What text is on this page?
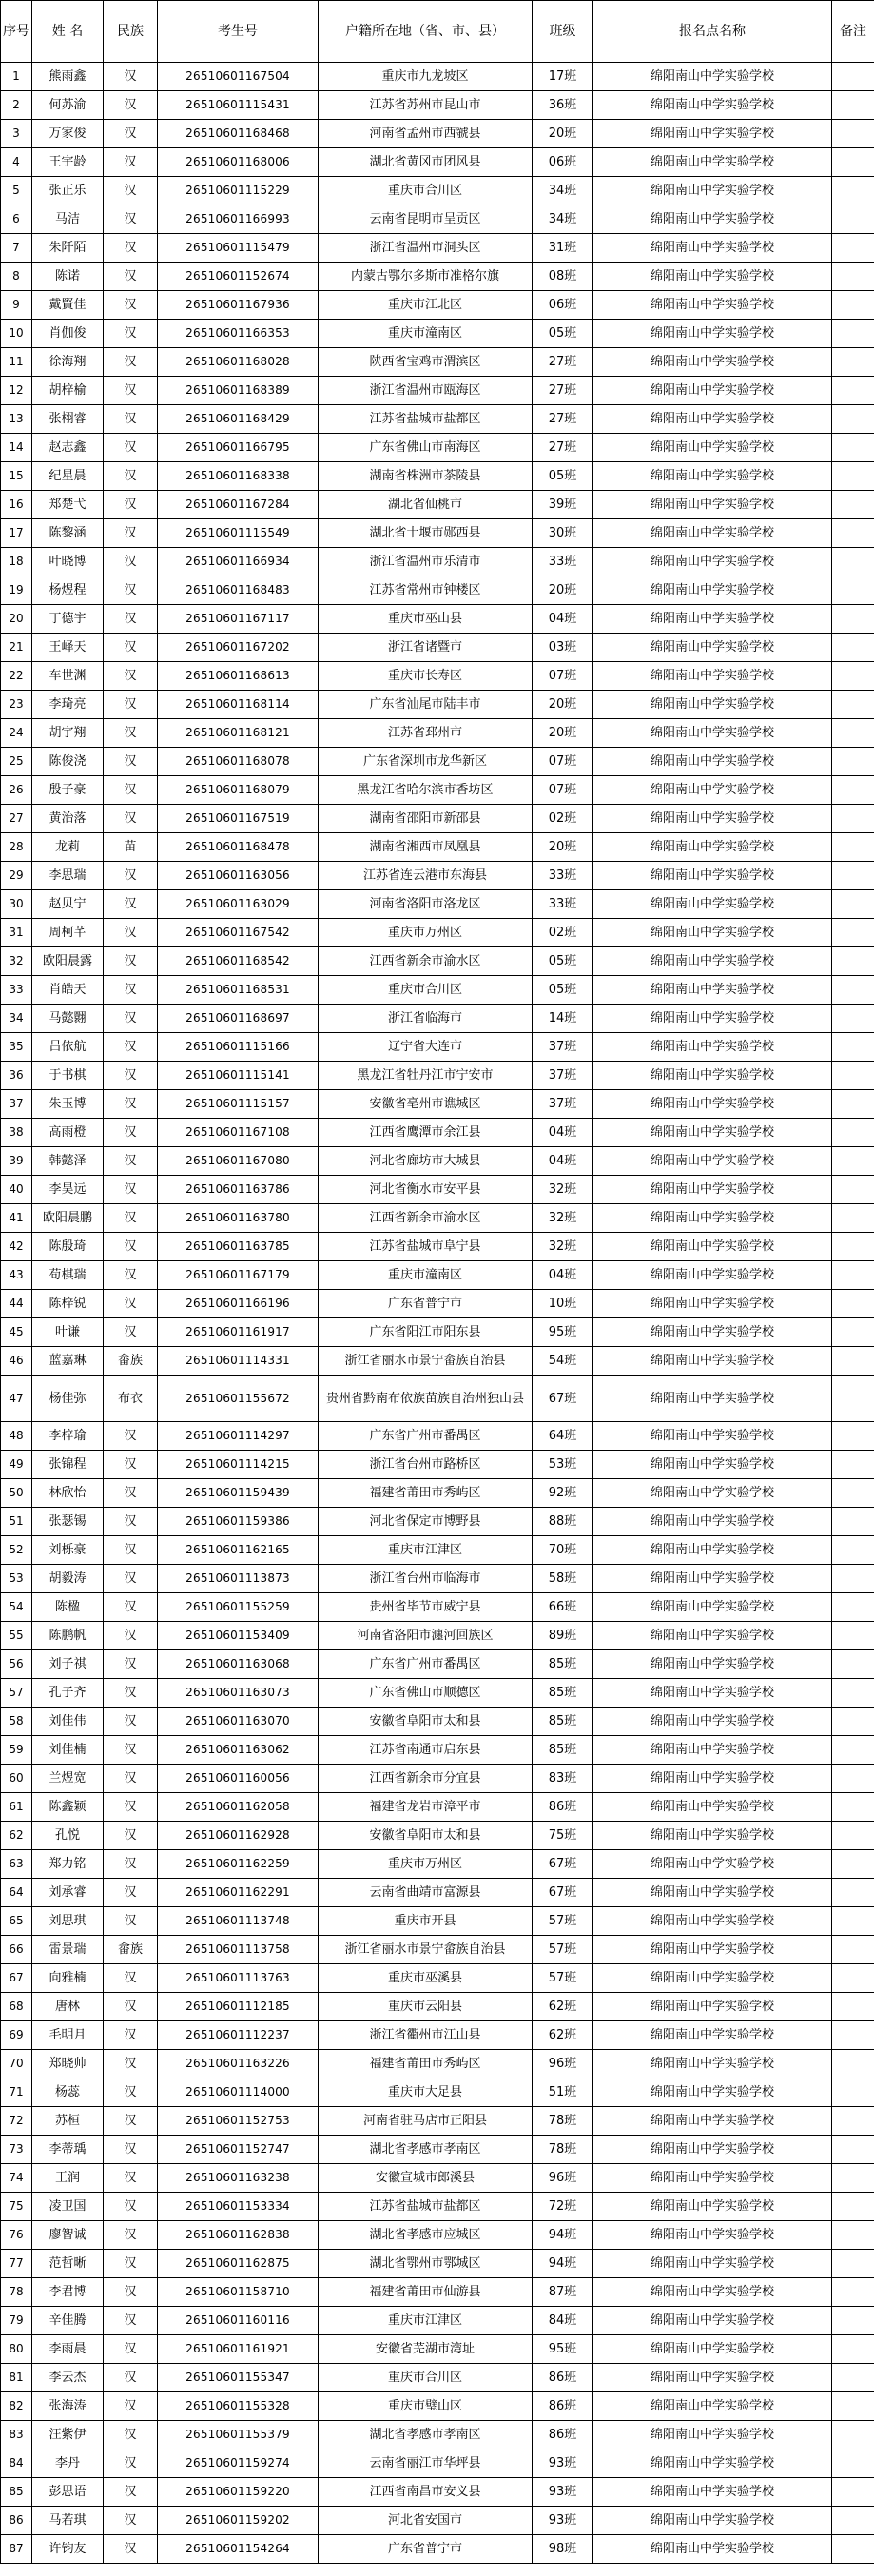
序号	姓 名	民族	考生号	户籍所在地（省、市、县）	班级	报名点名称	备注
1	熊雨鑫	汉	26510601167504	重庆市九龙坡区	17班	绵阳南山中学实验学校	
2	何苏渝	汉	26510601115431	江苏省苏州市昆山市	36班	绵阳南山中学实验学校	
3	万家俊	汉	26510601168468	河南省孟州市西虢县	20班	绵阳南山中学实验学校	
4	王宇龄	汉	26510601168006	湖北省黄冈市团风县	06班	绵阳南山中学实验学校	
5	张正乐	汉	26510601115229	重庆市合川区	34班	绵阳南山中学实验学校	
6	马洁	汉	26510601166993	云南省昆明市呈贡区	34班	绵阳南山中学实验学校	
7	朱阡陌	汉	26510601115479	浙江省温州市洞头区	31班	绵阳南山中学实验学校	
8	陈诺	汉	26510601152674	内蒙古鄂尔多斯市准格尔旗	08班	绵阳南山中学实验学校	
9	戴賢佳	汉	26510601167936	重庆市江北区	06班	绵阳南山中学实验学校	
10	肖伽俊	汉	26510601166353	重庆市潼南区	05班	绵阳南山中学实验学校	
11	徐海翔	汉	26510601168028	陕西省宝鸡市渭滨区	27班	绵阳南山中学实验学校	
12	胡梓榆	汉	26510601168389	浙江省温州市瓯海区	27班	绵阳南山中学实验学校	
13	张栩睿	汉	26510601168429	江苏省盐城市盐都区	27班	绵阳南山中学实验学校	
14	赵志鑫	汉	26510601166795	广东省佛山市南海区	27班	绵阳南山中学实验学校	
15	纪星晨	汉	26510601168338	湖南省株洲市茶陵县	05班	绵阳南山中学实验学校	
16	郑楚弋	汉	26510601167284	湖北省仙桃市	39班	绵阳南山中学实验学校	
17	陈黎涵	汉	26510601115549	湖北省十堰市郧西县	30班	绵阳南山中学实验学校	
18	叶晓博	汉	26510601166934	浙江省温州市乐清市	33班	绵阳南山中学实验学校	
19	杨煜程	汉	26510601168483	江苏省常州市钟楼区	20班	绵阳南山中学实验学校	
20	丁德宇	汉	26510601167117	重庆市巫山县	04班	绵阳南山中学实验学校	
21	王峄天	汉	26510601167202	浙江省诸暨市	03班	绵阳南山中学实验学校	
22	车世渊	汉	26510601168613	重庆市长寿区	07班	绵阳南山中学实验学校	
23	李琦亮	汉	26510601168114	广东省汕尾市陆丰市	20班	绵阳南山中学实验学校	
24	胡宇翔	汉	26510601168121	江苏省邳州市	20班	绵阳南山中学实验学校	
25	陈俊浇	汉	26510601168078	广东省深圳市龙华新区	07班	绵阳南山中学实验学校	
26	殷子豪	汉	26510601168079	黑龙江省哈尔滨市香坊区	07班	绵阳南山中学实验学校	
27	黄治落	汉	26510601167519	湖南省邵阳市新邵县	02班	绵阳南山中学实验学校	
28	龙莉	苗	26510601168478	湖南省湘西市凤凰县	20班	绵阳南山中学实验学校	
29	李思瑞	汉	26510601163056	江苏省连云港市东海县	33班	绵阳南山中学实验学校	
30	赵贝宁	汉	26510601163029	河南省洛阳市洛龙区	33班	绵阳南山中学实验学校	
31	周柯芊	汉	26510601167542	重庆市万州区	02班	绵阳南山中学实验学校	
32	欧阳晨露	汉	26510601168542	江西省新余市渝水区	05班	绵阳南山中学实验学校	
33	肖皓天	汉	26510601168531	重庆市合川区	05班	绵阳南山中学实验学校	
34	马懿翾	汉	26510601168697	浙江省临海市	14班	绵阳南山中学实验学校	
35	吕依航	汉	26510601115166	辽宁省大连市	37班	绵阳南山中学实验学校	
36	于书棋	汉	26510601115141	黑龙江省牡丹江市宁安市	37班	绵阳南山中学实验学校	
37	朱玉博	汉	26510601115157	安徽省亳州市谯城区	37班	绵阳南山中学实验学校	
38	高雨橙	汉	26510601167108	江西省鹰潭市余江县	04班	绵阳南山中学实验学校	
39	韩懿泽	汉	26510601167080	河北省廊坊市大城县	04班	绵阳南山中学实验学校	
40	李昊远	汉	26510601163786	河北省衡水市安平县	32班	绵阳南山中学实验学校	
41	欧阳晨鹏	汉	26510601163780	江西省新余市渝水区	32班	绵阳南山中学实验学校	
42	陈殷琦	汉	26510601163785	江苏省盐城市阜宁县	32班	绵阳南山中学实验学校	
43	苟棋瑞	汉	26510601167179	重庆市潼南区	04班	绵阳南山中学实验学校	
44	陈梓锐	汉	26510601166196	广东省普宁市	10班	绵阳南山中学实验学校	
45	叶谦	汉	26510601161917	广东省阳江市阳东县	95班	绵阳南山中学实验学校	
46	蓝嘉琳	畲族	26510601114331	浙江省丽水市景宁畲族自治县	54班	绵阳南山中学实验学校	
47	杨佳弥	布衣	26510601155672	贵州省黔南布依族苗族自治州独山县	67班	绵阳南山中学实验学校	
48	李梓瑜	汉	26510601114297	广东省广州市番禺区	64班	绵阳南山中学实验学校	
49	张锦程	汉	26510601114215	浙江省台州市路桥区	53班	绵阳南山中学实验学校	
50	林欣怡	汉	26510601159439	福建省莆田市秀屿区	92班	绵阳南山中学实验学校	
51	张瑟锡	汉	26510601159386	河北省保定市博野县	88班	绵阳南山中学实验学校	
52	刘栎豪	汉	26510601162165	重庆市江津区	70班	绵阳南山中学实验学校	
53	胡毅涛	汉	26510601113873	浙江省台州市临海市	58班	绵阳南山中学实验学校	
54	陈楹	汉	26510601155259	贵州省毕节市威宁县	66班	绵阳南山中学实验学校	
55	陈鹏帆	汉	26510601153409	河南省洛阳市瀍河回族区	89班	绵阳南山中学实验学校	
56	刘子祺	汉	26510601163068	广东省广州市番禺区	85班	绵阳南山中学实验学校	
57	孔子齐	汉	26510601163073	广东省佛山市顺德区	85班	绵阳南山中学实验学校	
58	刘佳伟	汉	26510601163070	安徽省阜阳市太和县	85班	绵阳南山中学实验学校	
59	刘佳楠	汉	26510601163062	江苏省南通市启东县	85班	绵阳南山中学实验学校	
60	兰煜宽	汉	26510601160056	江西省新余市分宜县	83班	绵阳南山中学实验学校	
61	陈鑫颖	汉	26510601162058	福建省龙岩市漳平市	86班	绵阳南山中学实验学校	
62	孔悦	汉	26510601162928	安徽省阜阳市太和县	75班	绵阳南山中学实验学校	
63	郑力铭	汉	26510601162259	重庆市万州区	67班	绵阳南山中学实验学校	
64	刘承睿	汉	26510601162291	云南省曲靖市富源县	67班	绵阳南山中学实验学校	
65	刘思琪	汉	26510601113748	重庆市开县	57班	绵阳南山中学实验学校	
66	雷景瑞	畲族	26510601113758	浙江省丽水市景宁畲族自治县	57班	绵阳南山中学实验学校	
67	向雅楠	汉	26510601113763	重庆市巫溪县	57班	绵阳南山中学实验学校	
68	唐林	汉	26510601112185	重庆市云阳县	62班	绵阳南山中学实验学校	
69	毛明月	汉	26510601112237	浙江省衢州市江山县	62班	绵阳南山中学实验学校	
70	郑晓帅	汉	26510601163226	福建省莆田市秀屿区	96班	绵阳南山中学实验学校	
71	杨蕊	汉	26510601114000	重庆市大足县	51班	绵阳南山中学实验学校	
72	苏桓	汉	26510601152753	河南省驻马店市正阳县	78班	绵阳南山中学实验学校	
73	李蒂瑀	汉	26510601152747	湖北省孝感市孝南区	78班	绵阳南山中学实验学校	
74	王润	汉	26510601163238	安徽宣城市郎溪县	96班	绵阳南山中学实验学校	
75	凌卫国	汉	26510601153334	江苏省盐城市盐都区	72班	绵阳南山中学实验学校	
76	廖智诚	汉	26510601162838	湖北省孝感市应城区	94班	绵阳南山中学实验学校	
77	范哲晰	汉	26510601162875	湖北省鄂州市鄂城区	94班	绵阳南山中学实验学校	
78	李君博	汉	26510601158710	福建省莆田市仙游县	87班	绵阳南山中学实验学校	
79	辛佳腾	汉	26510601160116	重庆市江津区	84班	绵阳南山中学实验学校	
80	李雨晨	汉	26510601161921	安徽省芜湖市湾址	95班	绵阳南山中学实验学校	
81	李云杰	汉	26510601155347	重庆市合川区	86班	绵阳南山中学实验学校	
82	张海涛	汉	26510601155328	重庆市璧山区	86班	绵阳南山中学实验学校	
83	汪紫伊	汉	26510601155379	湖北省孝感市孝南区	86班	绵阳南山中学实验学校	
84	李丹	汉	26510601159274	云南省丽江市华坪县	93班	绵阳南山中学实验学校	
85	彭思语	汉	26510601159220	江西省南昌市安义县	93班	绵阳南山中学实验学校	
86	马若琪	汉	26510601159202	河北省安国市	93班	绵阳南山中学实验学校	
87	许钧友	汉	26510601154264	广东省普宁市	98班	绵阳南山中学实验学校	
